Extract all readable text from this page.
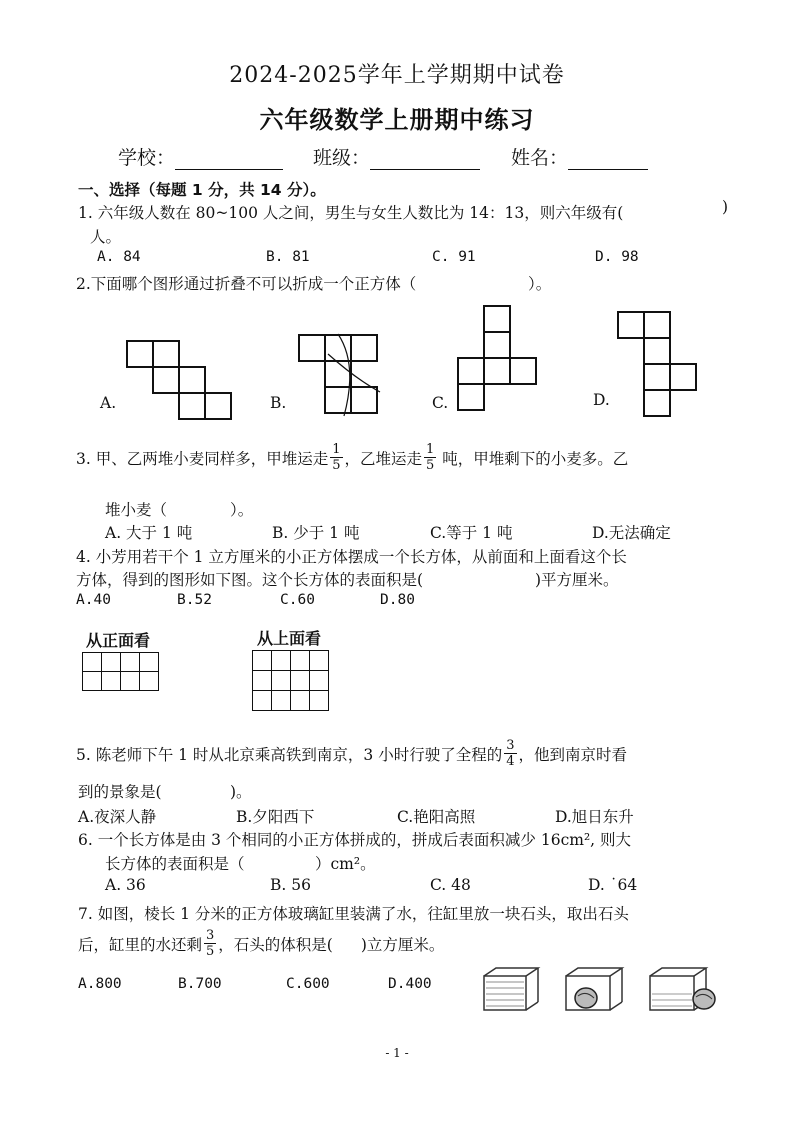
2024-2025学年上学期期中试卷
六年级数学上册期中练习
学校：	班级：	姓名：
一、选择（每题 1 分，共 14 分）。
1. 六年级人数在 80~100 人之间，男生与女生人数比为 14：13，则六年级有(	)
人。
A. 84	B. 81	C. 91	D. 98
2.下面哪个图形通过折叠不可以折成一个正方体（	）。
A.	B.	C.	D.
3. 甲、乙两堆小麦同样多，甲堆运走 $\frac{1}{5}$ ，乙堆运走 $\frac{1}{5}$ 吨，甲堆剩下的小麦多。乙
堆小麦（	）。
A. 大于 1 吨	B. 少于 1 吨	C.等于 1 吨	D.无法确定
4. 小芳用若干个 1 立方厘米的小正方体摆成一个长方体，从前面和上面看这个长
方体，得到的图形如下图。这个长方体的表面积是(	)平方厘米。
A.40	B.52	C.60	D.80
从正面看

				从上面看

5. 陈老师下午 1 时从北京乘高铁到南京，3 小时行驶了全程的 $\frac{3}{4}$ ，他到南京时看
到的景象是(	)。
A.夜深人静	B.夕阳西下	C.艳阳高照	D.旭日东升
6. 一个长方体是由 3 个相同的小正方体拼成的，拼成后表面积减少 16cm², 则大
长方体的表面积是（	）cm²。
A. 36	B. 56	C. 48	D. ˙64
7. 如图，棱长 1 分米的正方体玻璃缸里装满了水，往缸里放一块石头，取出石头
后，缸里的水还剩 $\frac{3}{5}$ ，石头的体积是( )立方厘米。
A.800	B.700	C.600	D.400
- 1 -
